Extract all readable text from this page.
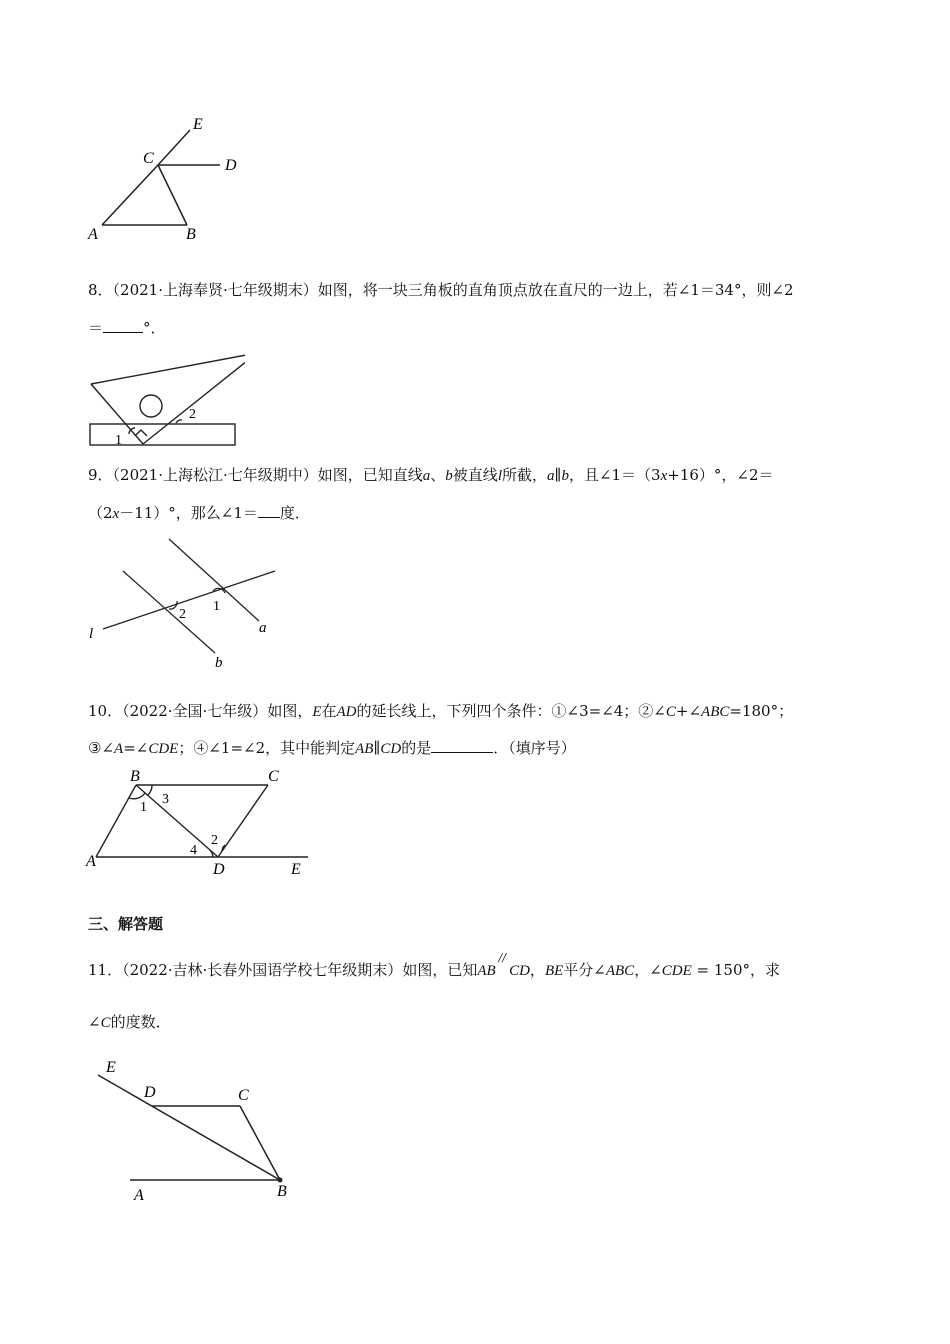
E
C	D
A	B
8．（2021·上海奉贤·七年级期末）如图，将一块三角板的直角顶点放在直尺的一边上，若∠1＝34°，则∠2
＝	°．
1
2
9．（2021·上海松江·七年级期中）如图，已知直线a、b被直线l所截，a∥b，且∠1＝（3x+16）°，∠2＝
（2x－11）°，那么∠1＝ 度．
l	a
b
1
2
10．（2022·全国·七年级）如图，E在AD的延长线上，下列四个条件：①∠3=∠4；②∠C+∠ABC=180°；
③∠A=∠CDE；④∠1=∠2，其中能判定AB∥CD的是	．（填序号）
B	C
A	D	E
1
3
2
4
三、解答题
11．（2022·吉林·长春外国语学校七年级期末）如图，已知AB//CD，BE平分∠ABC，∠CDE = 150°，求
∠C的度数．
E
D	C
A	B
